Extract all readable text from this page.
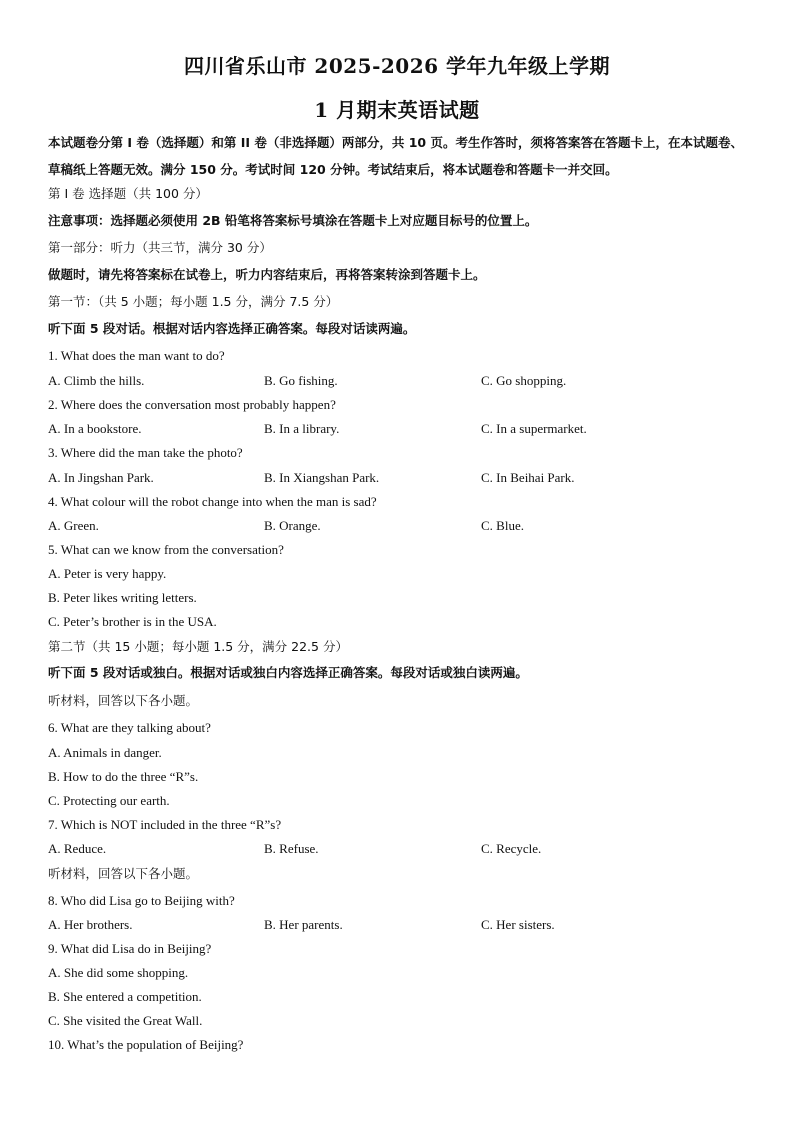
四川省乐山市 2025-2026 学年九年级上学期
1 月期末英语试题
本试题卷分第 I 卷（选择题）和第 II 卷（非选择题）两部分，共 10 页。考生作答时，须将答案答在答题卡上，在本试题卷、草稿纸上答题无效。满分 150 分。考试时间 120 分钟。考试结束后，将本试题卷和答题卡一并交回。
第 I 卷 选择题（共 100 分）
注意事项：选择题必须使用 2B 铅笔将答案标号填涂在答题卡上对应题目标号的位置上。
第一部分：听力（共三节，满分 30 分）
做题时，请先将答案标在试卷上，听力内容结束后，再将答案转涂到答题卡上。
第一节：（共 5 小题；每小题 1.5 分，满分 7.5 分）
听下面 5 段对话。根据对话内容选择正确答案。每段对话读两遍。
1. What does the man want to do?
A. Climb the hills.	B. Go fishing.	C. Go shopping.
2. Where does the conversation most probably happen?
A. In a bookstore.	B. In a library.	C. In a supermarket.
3. Where did the man take the photo?
A. In Jingshan Park.	B. In Xiangshan Park.	C. In Beihai Park.
4. What colour will the robot change into when the man is sad?
A. Green.	B. Orange.	C. Blue.
5. What can we know from the conversation?
A. Peter is very happy.
B. Peter likes writing letters.
C. Peter’s brother is in the USA.
第二节（共 15 小题；每小题 1.5 分，满分 22.5 分）
听下面 5 段对话或独白。根据对话或独白内容选择正确答案。每段对话或独白读两遍。
听材料，回答以下各小题。
6. What are they talking about?
A. Animals in danger.
B. How to do the three “R”s.
C. Protecting our earth.
7. Which is NOT included in the three “R”s?
A. Reduce.	B. Refuse.	C. Recycle.
听材料，回答以下各小题。
8. Who did Lisa go to Beijing with?
A. Her brothers.	B. Her parents.	C. Her sisters.
9. What did Lisa do in Beijing?
A. She did some shopping.
B. She entered a competition.
C. She visited the Great Wall.
10. What’s the population of Beijing?
